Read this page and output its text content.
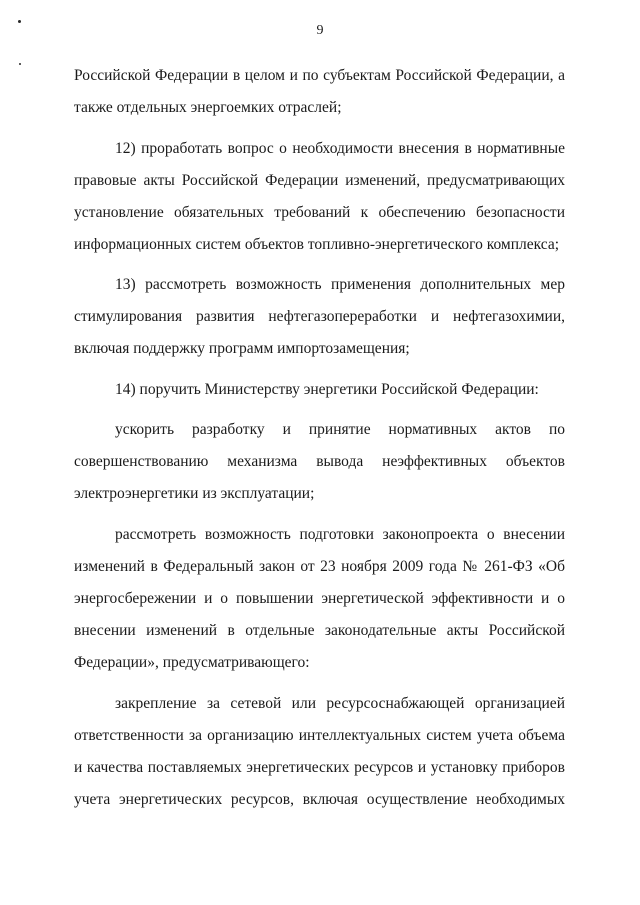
9

Российской Федерации в целом и по субъектам Российской Федерации, а также отдельных энергоемких отраслей;

12) проработать вопрос о необходимости внесения в нормативные правовые акты Российской Федерации изменений, предусматривающих установление обязательных требований к обеспечению безопасности информационных систем объектов топливно-энергетического комплекса;

13) рассмотреть возможность применения дополнительных мер стимулирования развития нефтегазопереработки и нефтегазохимии, включая поддержку программ импортозамещения;

14) поручить Министерству энергетики Российской Федерации:

ускорить разработку и принятие нормативных актов по совершенствованию механизма вывода неэффективных объектов электроэнергетики из эксплуатации;

рассмотреть возможность подготовки законопроекта о внесении изменений в Федеральный закон от 23 ноября 2009 года № 261-ФЗ «Об энергосбережении и о повышении энергетической эффективности и о внесении изменений в отдельные законодательные акты Российской Федерации», предусматривающего:

закрепление за сетевой или ресурсоснабжающей организацией ответственности за организацию интеллектуальных систем учета объема и качества поставляемых энергетических ресурсов и установку приборов учета энергетических ресурсов, включая осуществление необходимых
